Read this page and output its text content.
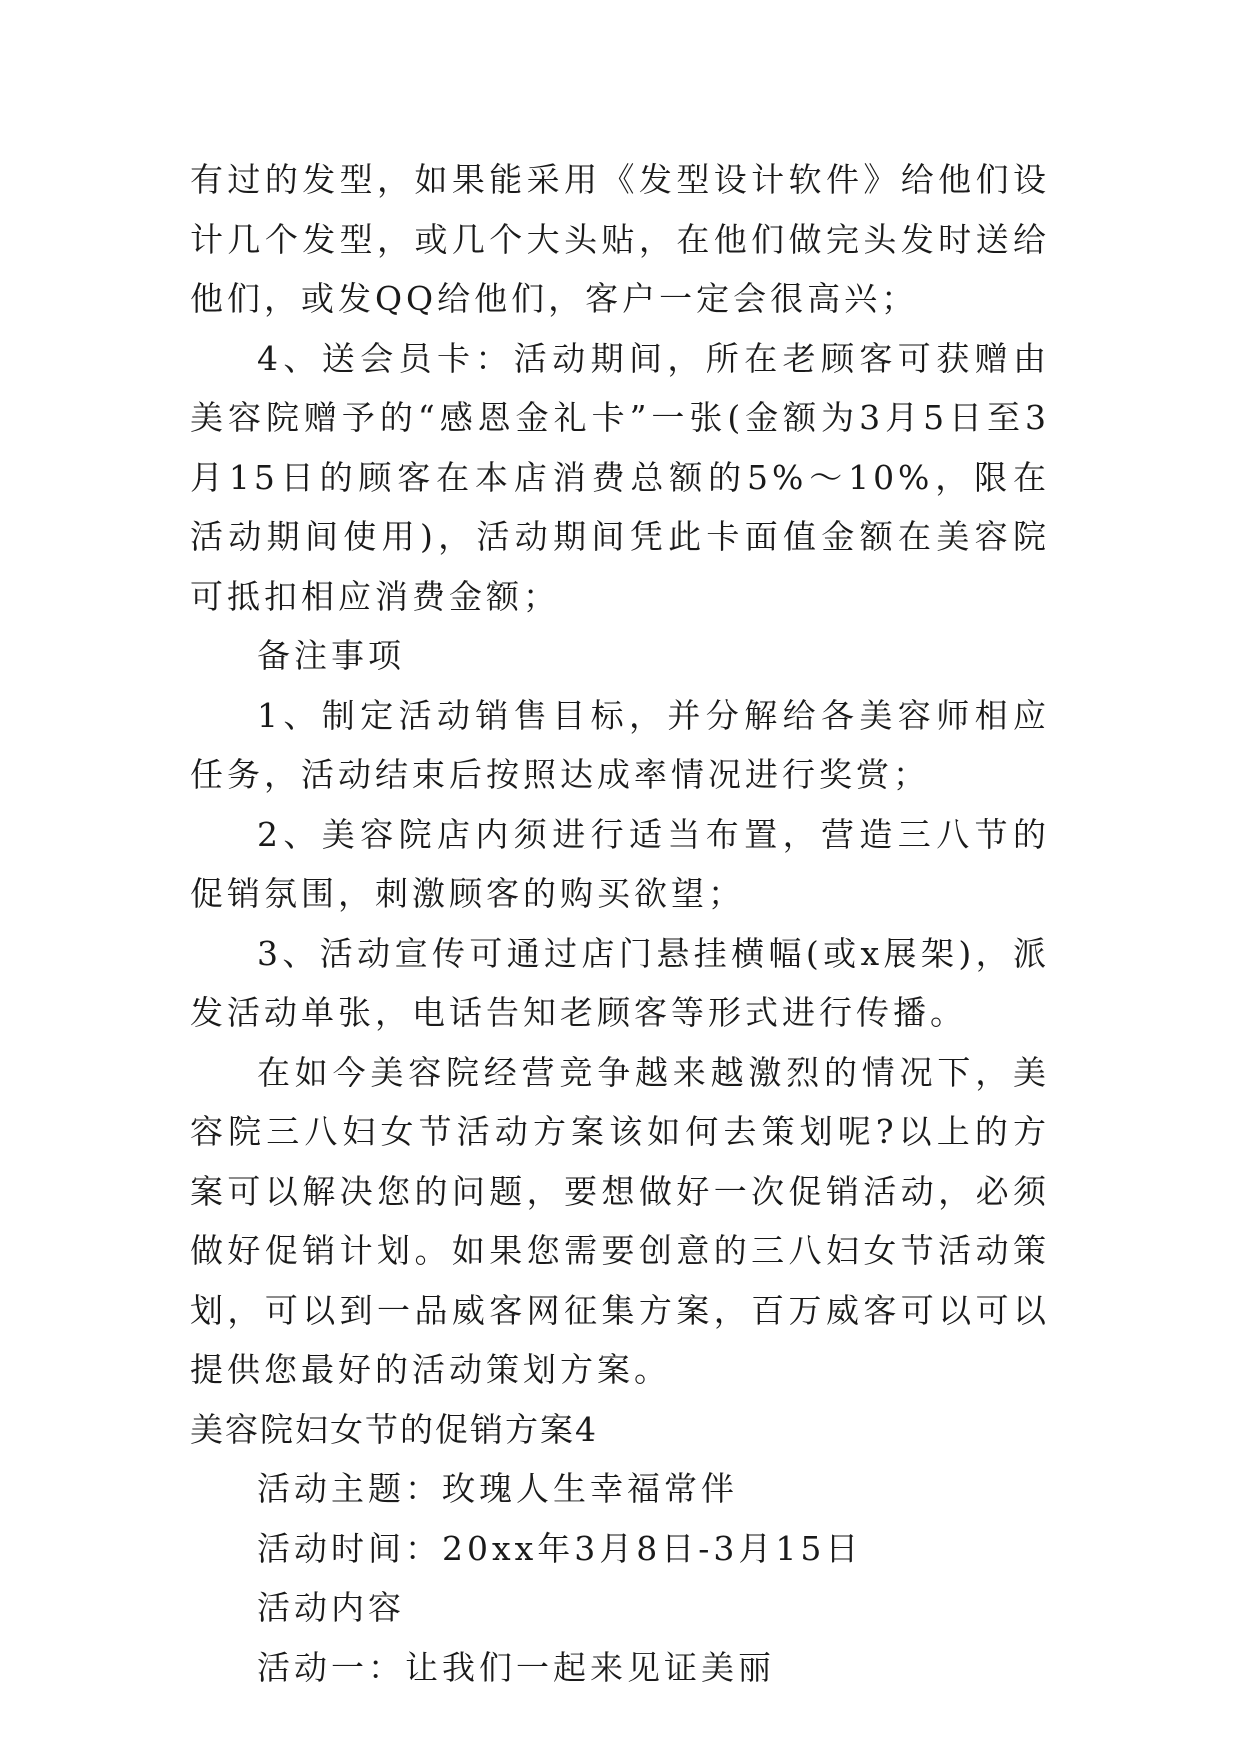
有过的发型，如果能采用《发型设计软件》给他们设计几个发型，或几个大头贴，在他们做完头发时送给他们，或发QQ给他们，客户一定会很高兴；

4、送会员卡：活动期间，所在老顾客可获赠由美容院赠予的“感恩金礼卡”一张(金额为3月5日至3月15日的顾客在本店消费总额的5%～10%，限在活动期间使用)，活动期间凭此卡面值金额在美容院可抵扣相应消费金额；

备注事项

1、制定活动销售目标，并分解给各美容师相应任务，活动结束后按照达成率情况进行奖赏；

2、美容院店内须进行适当布置，营造三八节的促销氛围，刺激顾客的购买欲望；

3、活动宣传可通过店门悬挂横幅(或x展架)，派发活动单张，电话告知老顾客等形式进行传播。

在如今美容院经营竞争越来越激烈的情况下，美容院三八妇女节活动方案该如何去策划呢?以上的方案可以解决您的问题，要想做好一次促销活动，必须做好促销计划。如果您需要创意的三八妇女节活动策划，可以到一品威客网征集方案，百万威客可以可以提供您最好的活动策划方案。

美容院妇女节的促销方案4

活动主题：玫瑰人生幸福常伴

活动时间：20xx年3月8日-3月15日

活动内容

活动一：让我们一起来见证美丽
